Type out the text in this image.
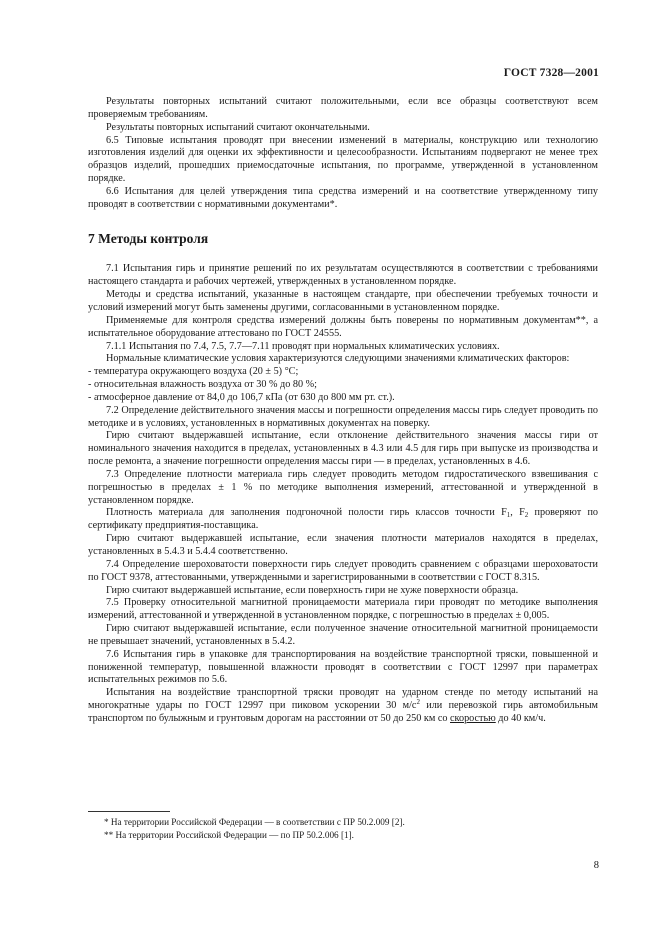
ГОСТ 7328—2001

Результаты повторных испытаний считают положительными, если все образцы соответствуют всем проверяемым требованиям.

Результаты повторных испытаний считают окончательными.

6.5 Типовые испытания проводят при внесении изменений в материалы, конструкцию или технологию изготовления изделий для оценки их эффективности и целесообразности. Испытаниям подвергают не менее трех образцов изделий, прошедших приемосдаточные испытания, по программе, утвержденной в установленном порядке.

6.6 Испытания для целей утверждения типа средства измерений и на соответствие утвержденному типу проводят в соответствии с нормативными документами*.

7 Методы контроля

7.1 Испытания гирь и принятие решений по их результатам осуществляются в соответствии с требованиями настоящего стандарта и рабочих чертежей, утвержденных в установленном порядке.

Методы и средства испытаний, указанные в настоящем стандарте, при обеспечении требуемых точности и условий измерений могут быть заменены другими, согласованными в установленном порядке.

Применяемые для контроля средства измерений должны быть поверены по нормативным документам**, а испытательное оборудование аттестовано по ГОСТ 24555.

7.1.1 Испытания по 7.4, 7.5, 7.7—7.11 проводят при нормальных климатических условиях.

Нормальные климатические условия характеризуются следующими значениями климатических факторов:

- температура окружающего воздуха (20 ± 5) °С;

- относительная влажность воздуха от 30 % до 80 %;

- атмосферное давление от 84,0 до 106,7 кПа (от 630 до 800 мм рт. ст.).

7.2 Определение действительного значения массы и погрешности определения массы гирь следует проводить по методике и в условиях, установленных в нормативных документах на поверку.

Гирю считают выдержавшей испытание, если отклонение действительного значения массы гири от номинального значения находится в пределах, установленных в 4.3 или 4.5 для гирь при выпуске из производства и после ремонта, а значение погрешности определения массы гири — в пределах, установленных в 4.6.

7.3 Определение плотности материала гирь следует проводить методом гидростатического взвешивания с погрешностью в пределах ± 1 % по методике выполнения измерений, аттестованной и утвержденной в установленном порядке.

Плотность материала для заполнения подгоночной полости гирь классов точности $F_1$, $F_2$ проверяют по сертификату предприятия-поставщика.

Гирю считают выдержавшей испытание, если значения плотности материалов находятся в пределах, установленных в 5.4.3 и 5.4.4 соответственно.

7.4 Определение шероховатости поверхности гирь следует проводить сравнением с образцами шероховатости по ГОСТ 9378, аттестованными, утвержденными и зарегистрированными в соответствии с ГОСТ 8.315.

Гирю считают выдержавшей испытание, если поверхность гири не хуже поверхности образца.

7.5 Проверку относительной магнитной проницаемости материала гири проводят по методике выполнения измерений, аттестованной и утвержденной в установленном порядке, с погрешностью в пределах ± 0,005.

Гирю считают выдержавшей испытание, если полученное значение относительной магнитной проницаемости не превышает значений, установленных в 5.4.2.

7.6 Испытания гирь в упаковке для транспортирования на воздействие транспортной тряски, повышенной и пониженной температур, повышенной влажности проводят в соответствии с ГОСТ 12997 при параметрах испытательных режимов по 5.6.

Испытания на воздействие транспортной тряски проводят на ударном стенде по методу испытаний на многократные удары по ГОСТ 12997 при пиковом ускорении 30 $м/с^2$ или перевозкой гирь автомобильным транспортом по булыжным и грунтовым дорогам на расстоянии от 50 до 250 км со скоростью до 40 км/ч.

* На территории Российской Федерации — в соответствии с ПР 50.2.009 [2].

** На территории Российской Федерации — по ПР 50.2.006 [1].

8
